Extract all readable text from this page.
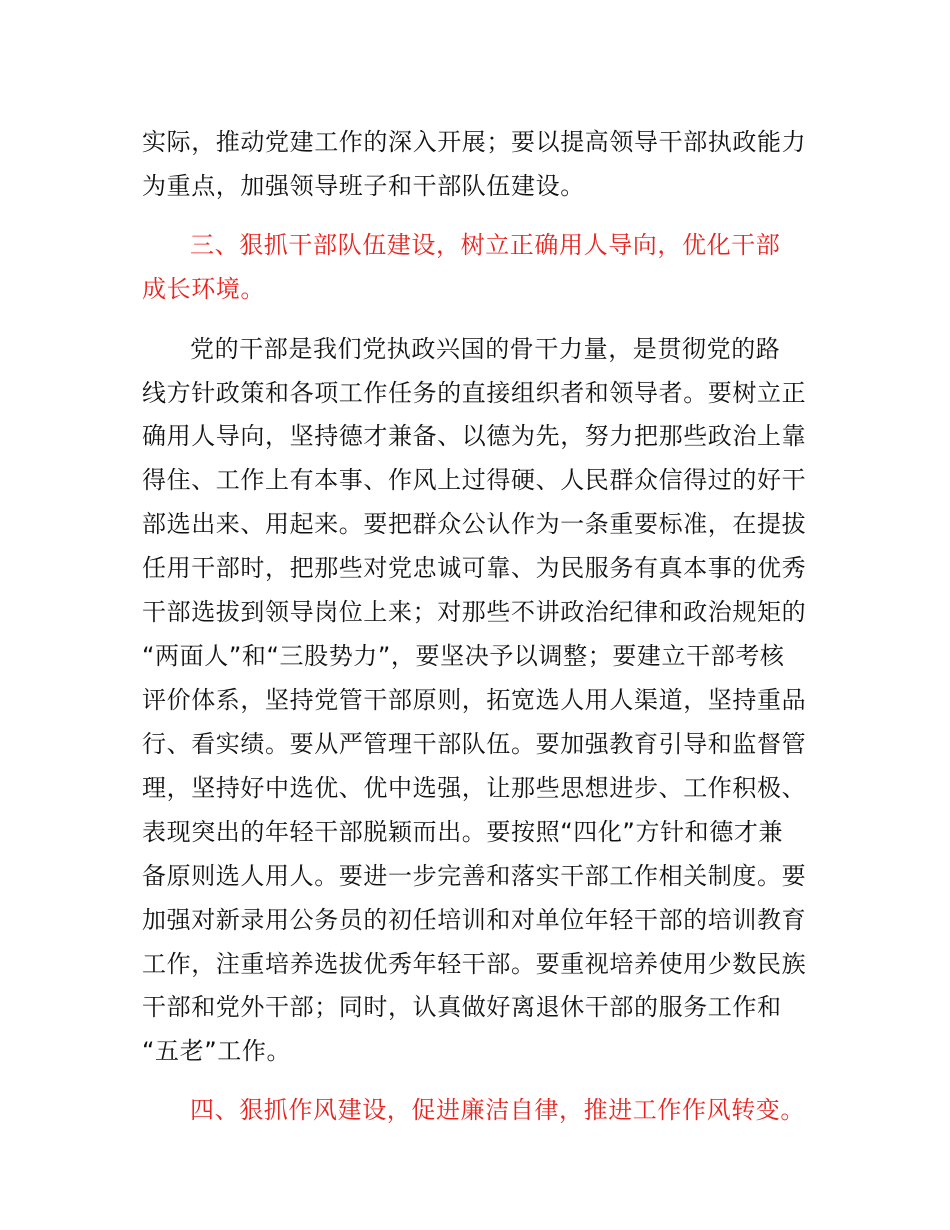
实际，推动党建工作的深入开展；要以提高领导干部执政能力

为重点，加强领导班子和干部队伍建设。

三、狠抓干部队伍建设，树立正确用人导向，优化干部

成长环境。

党的干部是我们党执政兴国的骨干力量，是贯彻党的路

线方针政策和各项工作任务的直接组织者和领导者。要树立正

确用人导向，坚持德才兼备、以德为先，努力把那些政治上靠

得住、工作上有本事、作风上过得硬、人民群众信得过的好干

部选出来、用起来。要把群众公认作为一条重要标准，在提拔

任用干部时，把那些对党忠诚可靠、为民服务有真本事的优秀

干部选拔到领导岗位上来；对那些不讲政治纪律和政治规矩的

“两面人”和“三股势力”，要坚决予以调整；要建立干部考核

评价体系，坚持党管干部原则，拓宽选人用人渠道，坚持重品

行、看实绩。要从严管理干部队伍。要加强教育引导和监督管

理，坚持好中选优、优中选强，让那些思想进步、工作积极、

表现突出的年轻干部脱颖而出。要按照“四化”方针和德才兼

备原则选人用人。要进一步完善和落实干部工作相关制度。要

加强对新录用公务员的初任培训和对单位年轻干部的培训教育

工作，注重培养选拔优秀年轻干部。要重视培养使用少数民族

干部和党外干部；同时，认真做好离退休干部的服务工作和

“五老”工作。

四、狠抓作风建设，促进廉洁自律，推进工作作风转变。
